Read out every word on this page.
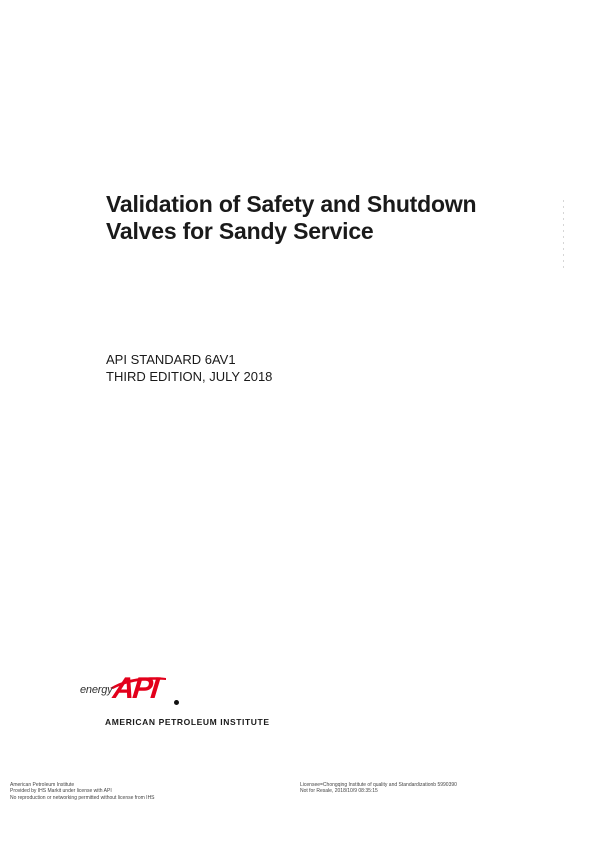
Validation of Safety and Shutdown
Valves for Sandy Service
API STANDARD 6AV1
THIRD EDITION, JULY 2018
energy
API
AMERICAN PETROLEUM INSTITUTE
American Petroleum Institute
Provided by IHS Markit under license with API
No reproduction or networking permitted without license from IHS
Licensee=Chongqing Institute of quality and Standardizationb 5990390
Not for Resale, 2018/10/9 08:35:15
